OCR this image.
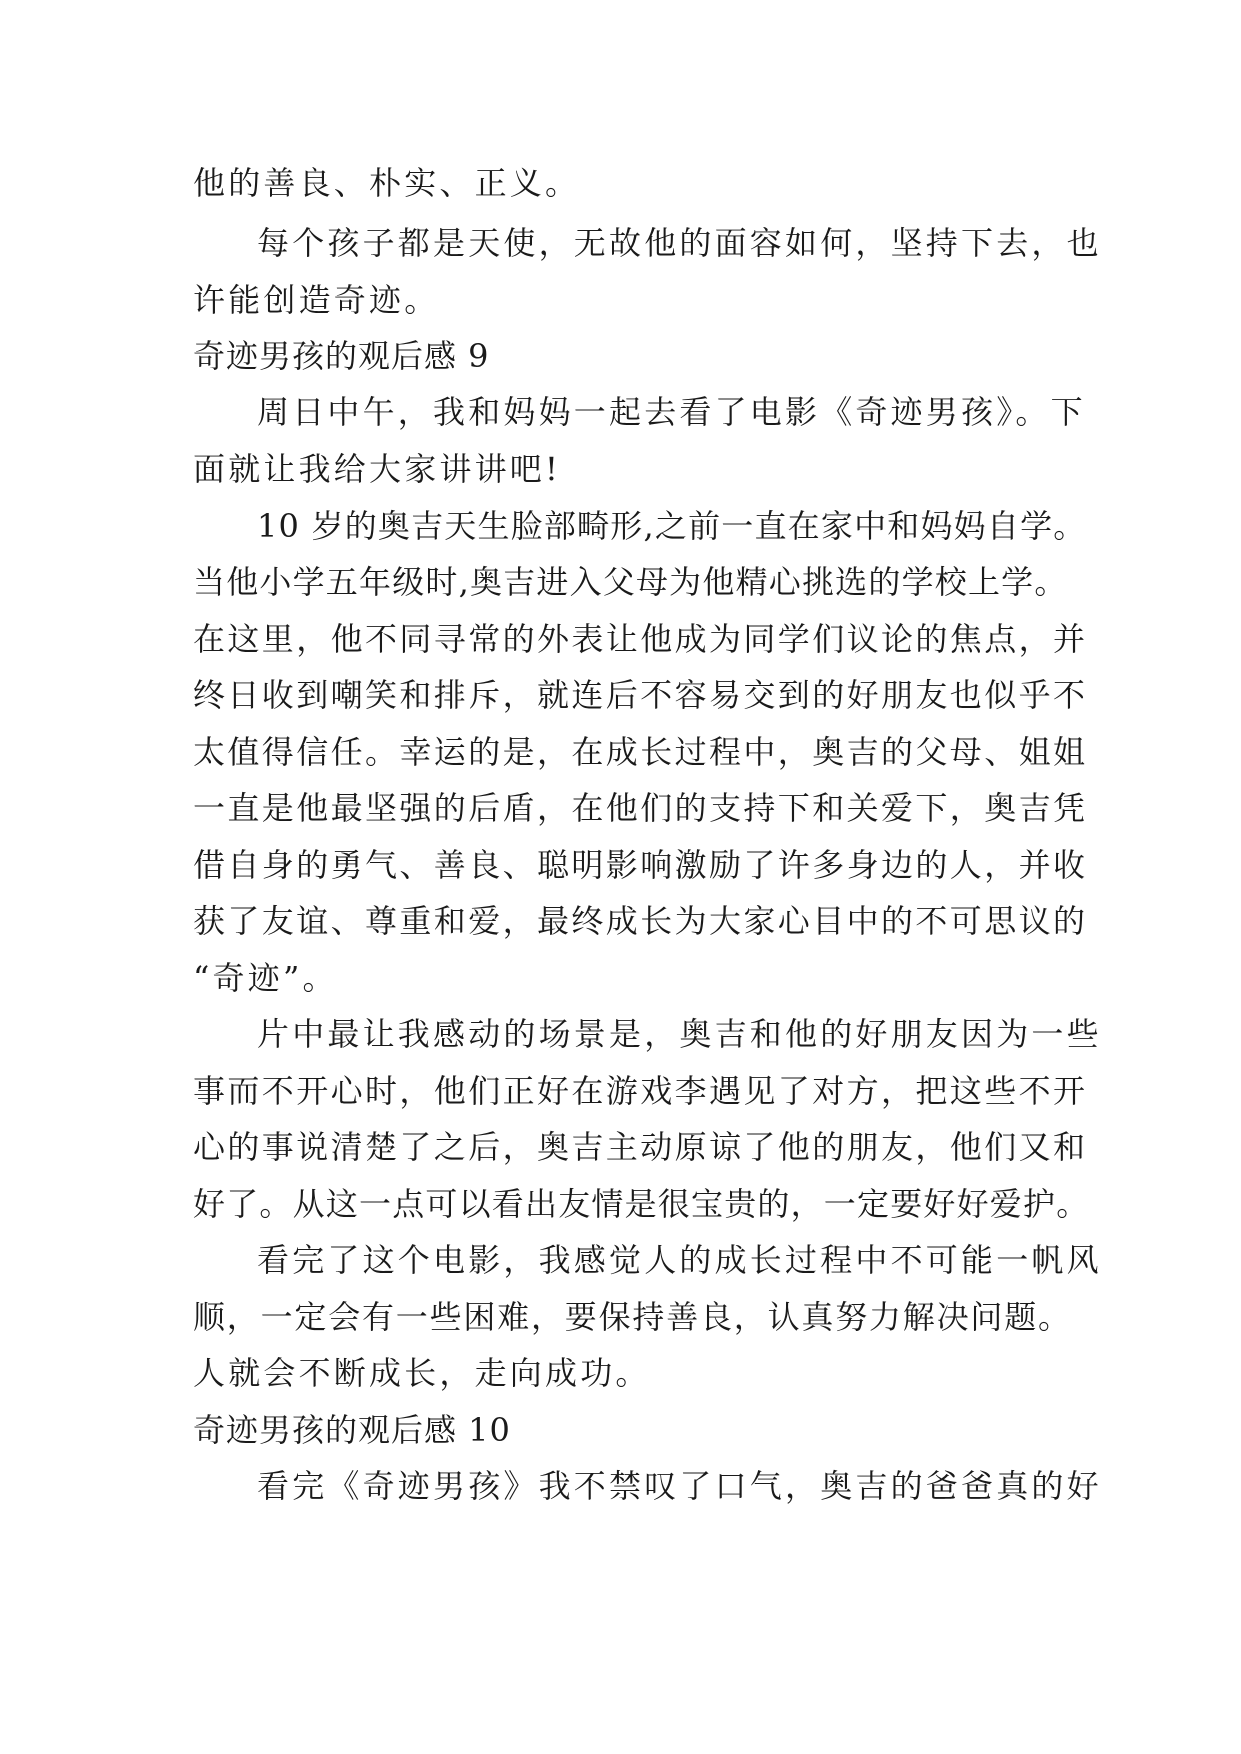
他的善良、朴实、正义。
每个孩子都是天使，无故他的面容如何，坚持下去，也
许能创造奇迹。
奇迹男孩的观后感 9
周日中午，我和妈妈一起去看了电影《奇迹男孩》。下
面就让我给大家讲讲吧!
10 岁的奥吉天生脸部畸形,之前一直在家中和妈妈自学。
当他小学五年级时,奥吉进入父母为他精心挑选的学校上学。
在这里，他不同寻常的外表让他成为同学们议论的焦点，并
终日收到嘲笑和排斥，就连后不容易交到的好朋友也似乎不
太值得信任。幸运的是，在成长过程中，奥吉的父母、姐姐
一直是他最坚强的后盾，在他们的支持下和关爱下，奥吉凭
借自身的勇气、善良、聪明影响激励了许多身边的人，并收
获了友谊、尊重和爱，最终成长为大家心目中的不可思议的
“奇迹”。
片中最让我感动的场景是，奥吉和他的好朋友因为一些
事而不开心时，他们正好在游戏李遇见了对方，把这些不开
心的事说清楚了之后，奥吉主动原谅了他的朋友，他们又和
好了。从这一点可以看出友情是很宝贵的，一定要好好爱护。
看完了这个电影，我感觉人的成长过程中不可能一帆风
顺，一定会有一些困难，要保持善良，认真努力解决问题。
人就会不断成长，走向成功。
奇迹男孩的观后感 10
看完《奇迹男孩》我不禁叹了口气，奥吉的爸爸真的好
